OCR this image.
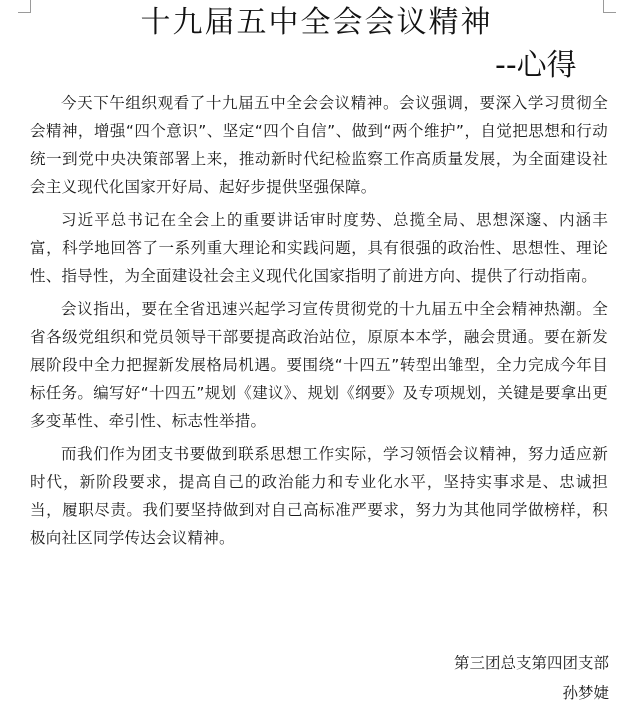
十九届五中全会会议精神
--心得

今天下午组织观看了十九届五中全会会议精神。会议强调，要深入学习贯彻全会精神，增强“四个意识”、坚定“四个自信”、做到“两个维护”，自觉把思想和行动统一到党中央决策部署上来，推动新时代纪检监察工作高质量发展，为全面建设社会主义现代化国家开好局、起好步提供坚强保障。

习近平总书记在全会上的重要讲话审时度势、总揽全局、思想深邃、内涵丰富，科学地回答了一系列重大理论和实践问题，具有很强的政治性、思想性、理论性、指导性，为全面建设社会主义现代化国家指明了前进方向、提供了行动指南。

会议指出，要在全省迅速兴起学习宣传贯彻党的十九届五中全会精神热潮。全省各级党组织和党员领导干部要提高政治站位，原原本本学，融会贯通。要在新发展阶段中全力把握新发展格局机遇。要围绕“十四五”转型出雏型，全力完成今年目标任务。编写好“十四五”规划《建议》、规划《纲要》及专项规划，关键是要拿出更多变革性、牵引性、标志性举措。

而我们作为团支书要做到联系思想工作实际，学习领悟会议精神，努力适应新时代，新阶段要求，提高自己的政治能力和专业化水平，坚持实事求是、忠诚担当，履职尽责。我们要坚持做到对自己高标准严要求，努力为其他同学做榜样，积极向社区同学传达会议精神。

第三团总支第四团支部
孙梦婕
